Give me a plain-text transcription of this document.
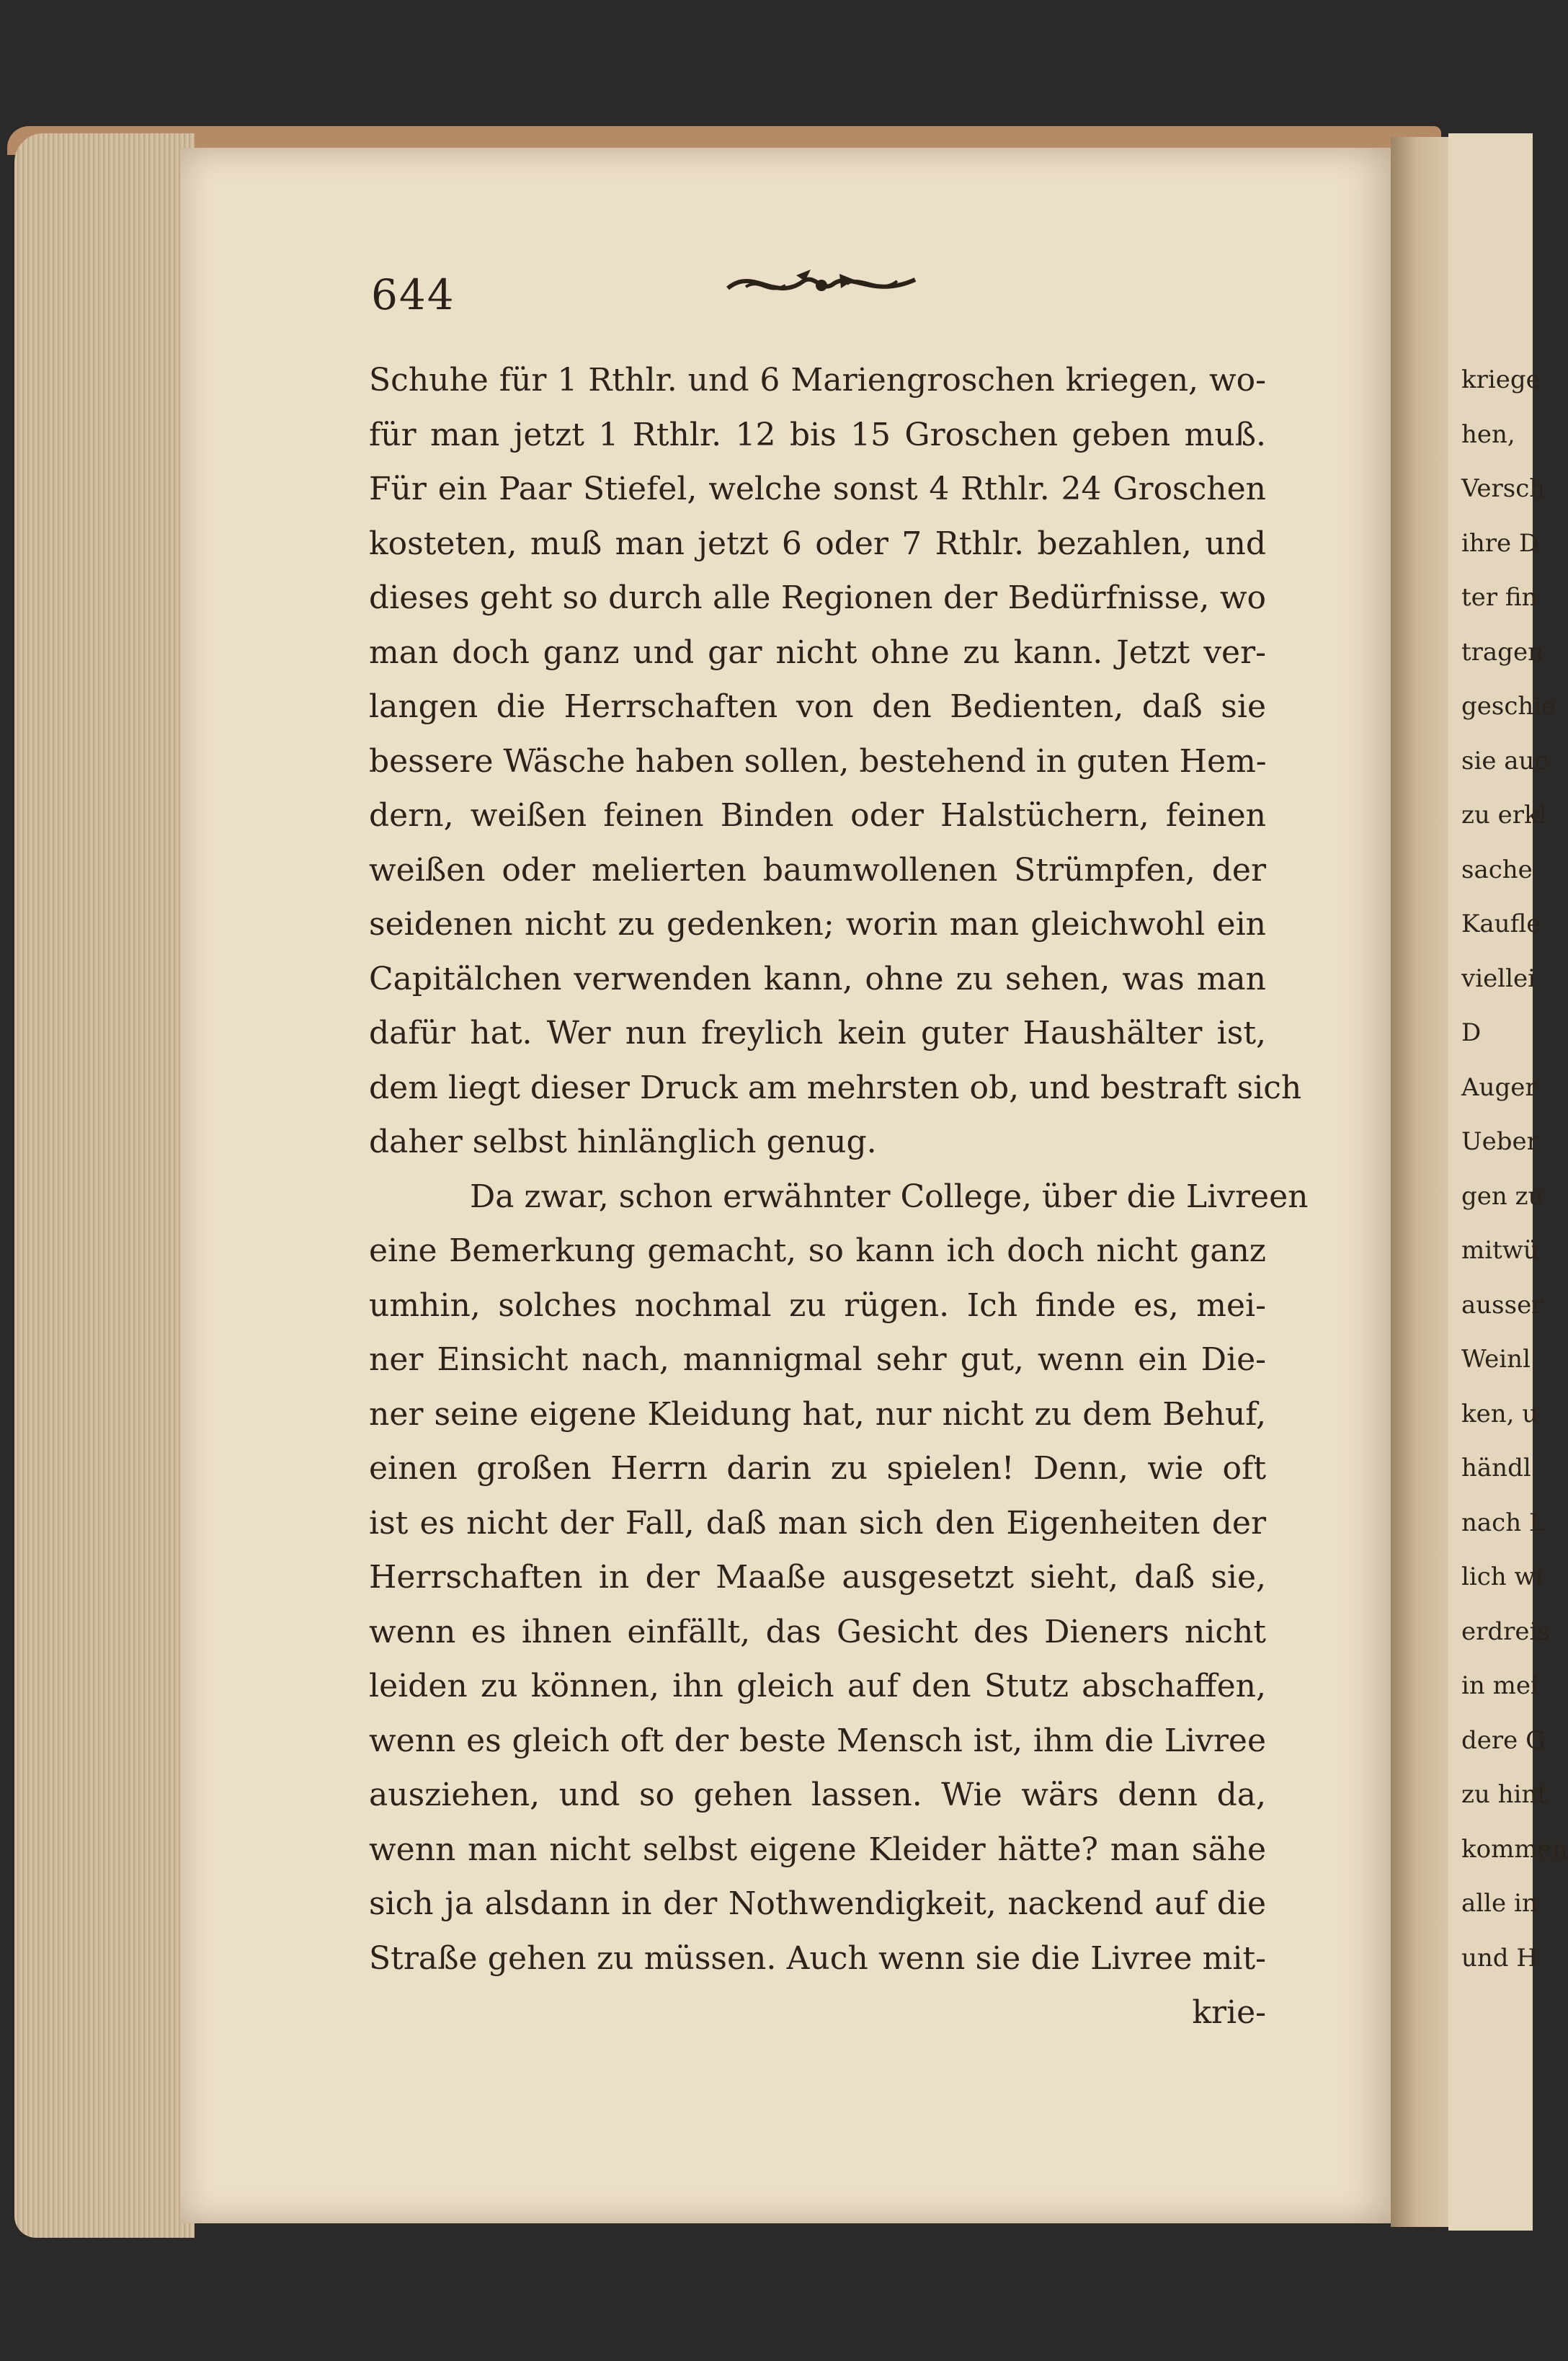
644
Schuhe für 1 Rthlr. und 6 Mariengroschen kriegen, wo-
für man jetzt 1 Rthlr. 12 bis 15 Groschen geben muß.
Für ein Paar Stiefel, welche sonst 4 Rthlr. 24 Groschen
kosteten, muß man jetzt 6 oder 7 Rthlr. bezahlen, und
dieses geht so durch alle Regionen der Bedürfnisse, wo
man doch ganz und gar nicht ohne zu kann. Jetzt ver-
langen die Herrschaften von den Bedienten, daß sie
bessere Wäsche haben sollen, bestehend in guten Hem-
dern, weißen feinen Binden oder Halstüchern, feinen
weißen oder melierten baumwollenen Strümpfen, der
seidenen nicht zu gedenken; worin man gleichwohl ein
Capitälchen verwenden kann, ohne zu sehen, was man
dafür hat. Wer nun freylich kein guter Haushälter ist,
dem liegt dieser Druck am mehrsten ob, und bestraft sich
daher selbst hinlänglich genug.
Da zwar, schon erwähnter College, über die Livreen
eine Bemerkung gemacht, so kann ich doch nicht ganz
umhin, solches nochmal zu rügen. Ich finde es, mei-
ner Einsicht nach, mannigmal sehr gut, wenn ein Die-
ner seine eigene Kleidung hat, nur nicht zu dem Behuf,
einen großen Herrn darin zu spielen! Denn, wie oft
ist es nicht der Fall, daß man sich den Eigenheiten der
Herrschaften in der Maaße ausgesetzt sieht, daß sie,
wenn es ihnen einfällt, das Gesicht des Dieners nicht
leiden zu können, ihn gleich auf den Stutz abschaffen,
wenn es gleich oft der beste Mensch ist, ihm die Livree
ausziehen, und so gehen lassen. Wie wärs denn da,
wenn man nicht selbst eigene Kleider hätte? man sähe
sich ja alsdann in der Nothwendigkeit, nackend auf die
Straße gehen zu müssen. Auch wenn sie die Livree mit-
krie-
kriege
hen,
Versch
ihre D
ter fin
tragen
geschie
sie auc
zu erkl
sache
Kaufle
viellei
D
Auger
Ueber
gen zu
mitwü
ausser
Weinl
ken, u
händl
nach L
lich wi
erdreis
in mei
dere G
zu hint
kommen
alle in
und H
